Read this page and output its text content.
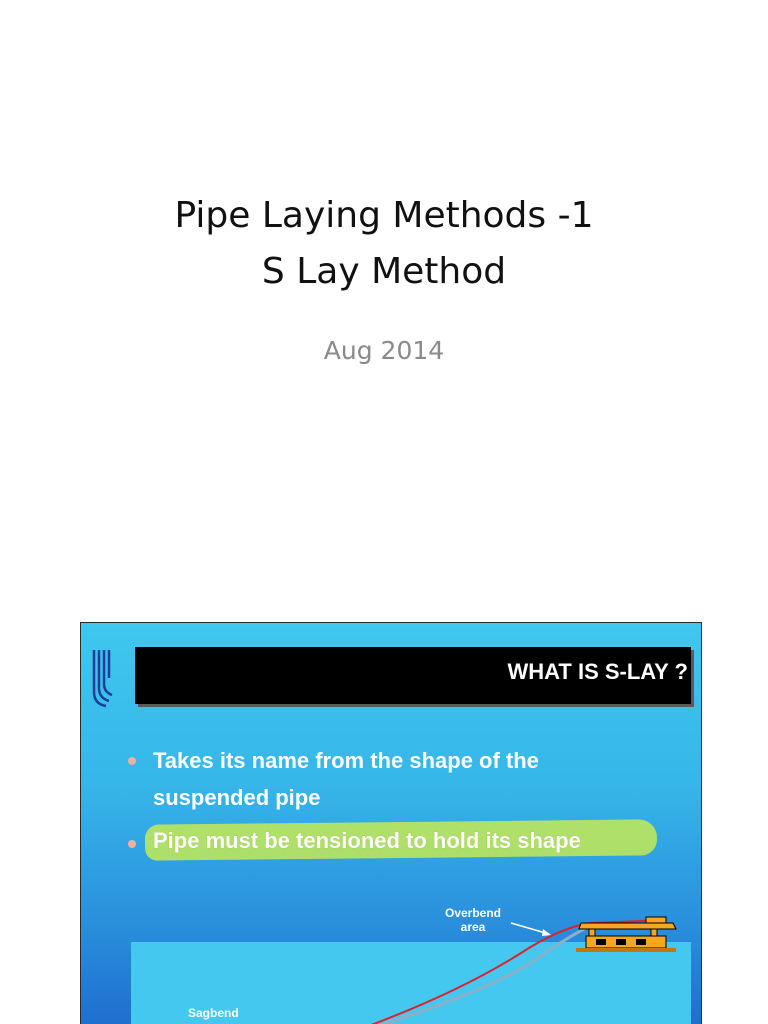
Pipe Laying Methods -1
S Lay Method
Aug 2014
WHAT IS S-LAY ?
Takes its name from the shape of the
suspended pipe
Pipe must be tensioned to hold its shape
Overbend
area
Sagbend
